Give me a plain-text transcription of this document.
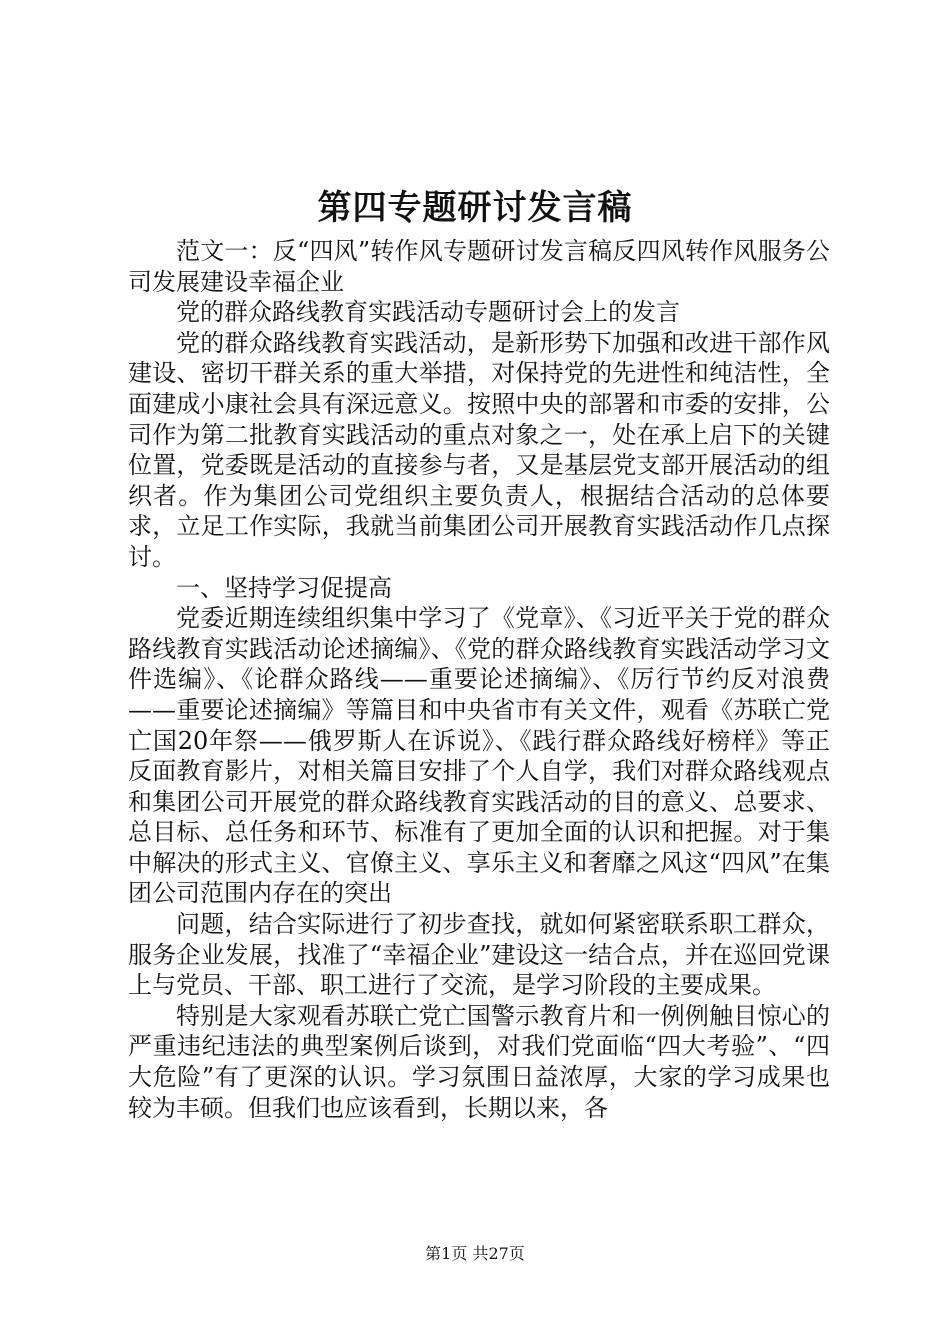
第四专题研讨发言稿

范文一：反“四风”转作风专题研讨发言稿反四风转作风服务公司发展建设幸福企业

党的群众路线教育实践活动专题研讨会上的发言

党的群众路线教育实践活动，是新形势下加强和改进干部作风建设、密切干群关系的重大举措，对保持党的先进性和纯洁性，全面建成小康社会具有深远意义。按照中央的部署和市委的安排，公司作为第二批教育实践活动的重点对象之一，处在承上启下的关键位置，党委既是活动的直接参与者，又是基层党支部开展活动的组织者。作为集团公司党组织主要负责人，根据结合活动的总体要求，立足工作实际，我就当前集团公司开展教育实践活动作几点探讨。

一、坚持学习促提高

党委近期连续组织集中学习了《党章》、《习近平关于党的群众路线教育实践活动论述摘编》、《党的群众路线教育实践活动学习文件选编》、《论群众路线——重要论述摘编》、《厉行节约反对浪费——重要论述摘编》等篇目和中央省市有关文件，观看《苏联亡党亡国20年祭——俄罗斯人在诉说》、《践行群众路线好榜样》等正反面教育影片，对相关篇目安排了个人自学，我们对群众路线观点和集团公司开展党的群众路线教育实践活动的目的意义、总要求、总目标、总任务和环节、标准有了更加全面的认识和把握。对于集中解决的形式主义、官僚主义、享乐主义和奢靡之风这“四风”在集团公司范围内存在的突出

问题，结合实际进行了初步查找，就如何紧密联系职工群众，服务企业发展，找准了“幸福企业”建设这一结合点，并在巡回党课上与党员、干部、职工进行了交流，是学习阶段的主要成果。

特别是大家观看苏联亡党亡国警示教育片和一例例触目惊心的严重违纪违法的典型案例后谈到，对我们党面临“四大考验”、“四大危险”有了更深的认识。学习氛围日益浓厚，大家的学习成果也较为丰硕。但我们也应该看到，长期以来，各

第1页 共27页
